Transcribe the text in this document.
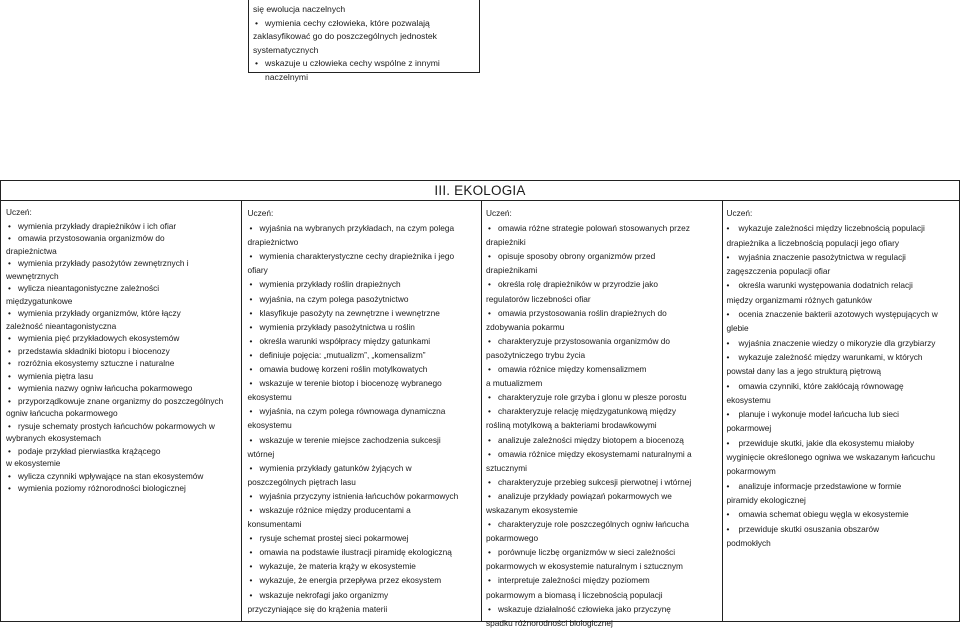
się ewolucja naczelnych
• wymienia cechy człowieka, które pozwalają
zaklasyfikować go do poszczególnych jednostek
systematycznych
• wskazuje u człowieka cechy wspólne z innymi naczelnymi
III. EKOLOGIA
Uczeń:
• wymienia przykłady drapieżników i ich ofiar
• omawia przystosowania organizmów do
drapieżnictwa
• wymienia przykłady pasożytów zewnętrznych i
wewnętrznych
• wylicza nieantagonistyczne zależności
międzygatunkowe
• wymienia przykłady organizmów, które łączy
zależność nieantagonistyczna
• wymienia pięć przykładowych ekosystemów
• przedstawia składniki biotopu i biocenozy
• rozróżnia ekosystemy sztuczne i naturalne
• wymienia piętra lasu
• wymienia nazwy ogniw łańcucha pokarmowego
• przyporządkowuje znane organizmy do poszczególnych
ogniw łańcucha pokarmowego
• rysuje schematy prostych łańcuchów pokarmowych w
wybranych ekosystemach
• podaje przykład pierwiastka krążącego
w ekosystemie
• wylicza czynniki wpływające na stan ekosystemów
• wymienia poziomy różnorodności biologicznej
Uczeń:
• wyjaśnia na wybranych przykładach, na czym polega
drapieżnictwo
• wymienia charakterystyczne cechy drapieżnika i jego
ofiary
• wymienia przykłady roślin drapieżnych
• wyjaśnia, na czym polega pasożytnictwo
• klasyfikuje pasożyty na zewnętrzne i wewnętrzne
• wymienia przykłady pasożytnictwa u roślin
• określa warunki współpracy między gatunkami
• definiuje pojęcia: „mutualizm”, „komensalizm”
• omawia budowę korzeni roślin motylkowatych
• wskazuje w terenie biotop i biocenozę wybranego
ekosystemu
• wyjaśnia, na czym polega równowaga dynamiczna
ekosystemu
• wskazuje w terenie miejsce zachodzenia sukcesji
wtórnej
• wymienia przykłady gatunków żyjących w
poszczególnych piętrach lasu
• wyjaśnia przyczyny istnienia łańcuchów pokarmowych
• wskazuje różnice między producentami a
konsumentami
• rysuje schemat prostej sieci pokarmowej
• omawia na podstawie ilustracji piramidę ekologiczną
• wykazuje, że materia krąży w ekosystemie
• wykazuje, że energia przepływa przez ekosystem
• wskazuje nekrofagi jako organizmy
przyczyniające się do krążenia materii
Uczeń:
• omawia różne strategie polowań stosowanych przez
drapieżniki
• opisuje sposoby obrony organizmów przed
drapieżnikami
• określa rolę drapieżników w przyrodzie jako
regulatorów liczebności ofiar
• omawia przystosowania roślin drapieżnych do
zdobywania pokarmu
• charakteryzuje przystosowania organizmów do
pasożytniczego trybu życia
• omawia różnice między komensalizmem
a mutualizmem
• charakteryzuje role grzyba i glonu w plesze porostu
• charakteryzuje relację międzygatunkową między
rośliną motylkową a bakteriami brodawkowymi
• analizuje zależności między biotopem a biocenozą
• omawia różnice między ekosystemami naturalnymi a
sztucznymi
• charakteryzuje przebieg sukcesji pierwotnej i wtórnej
• analizuje przykłady powiązań pokarmowych we
wskazanym ekosystemie
• charakteryzuje role poszczególnych ogniw łańcucha
pokarmowego
• porównuje liczbę organizmów w sieci zależności
pokarmowych w ekosystemie naturalnym i sztucznym
• interpretuje zależności między poziomem
pokarmowym a biomasą i liczebnością populacji
• wskazuje działalność człowieka jako przyczynę
spadku różnorodności biologicznej
Uczeń:
• wykazuje zależności między liczebnością populacji
drapieżnika a liczebnością populacji jego ofiary
• wyjaśnia znaczenie pasożytnictwa w regulacji
zagęszczenia populacji ofiar
• określa warunki występowania dodatnich relacji
między organizmami różnych gatunków
• ocenia znaczenie bakterii azotowych występujących w
glebie
• wyjaśnia znaczenie wiedzy o mikoryzie dla grzybiarzy
• wykazuje zależność między warunkami, w których
powstał dany las a jego strukturą piętrową
• omawia czynniki, które zakłócają równowagę
ekosystemu
• planuje i wykonuje model łańcucha lub sieci
pokarmowej
• przewiduje skutki, jakie dla ekosystemu miałoby
wyginięcie określonego ogniwa we wskazanym łańcuchu
pokarmowym
• analizuje informacje przedstawione w formie
piramidy ekologicznej
• omawia schemat obiegu węgla w ekosystemie
• przewiduje skutki osuszania obszarów
podmokłych
